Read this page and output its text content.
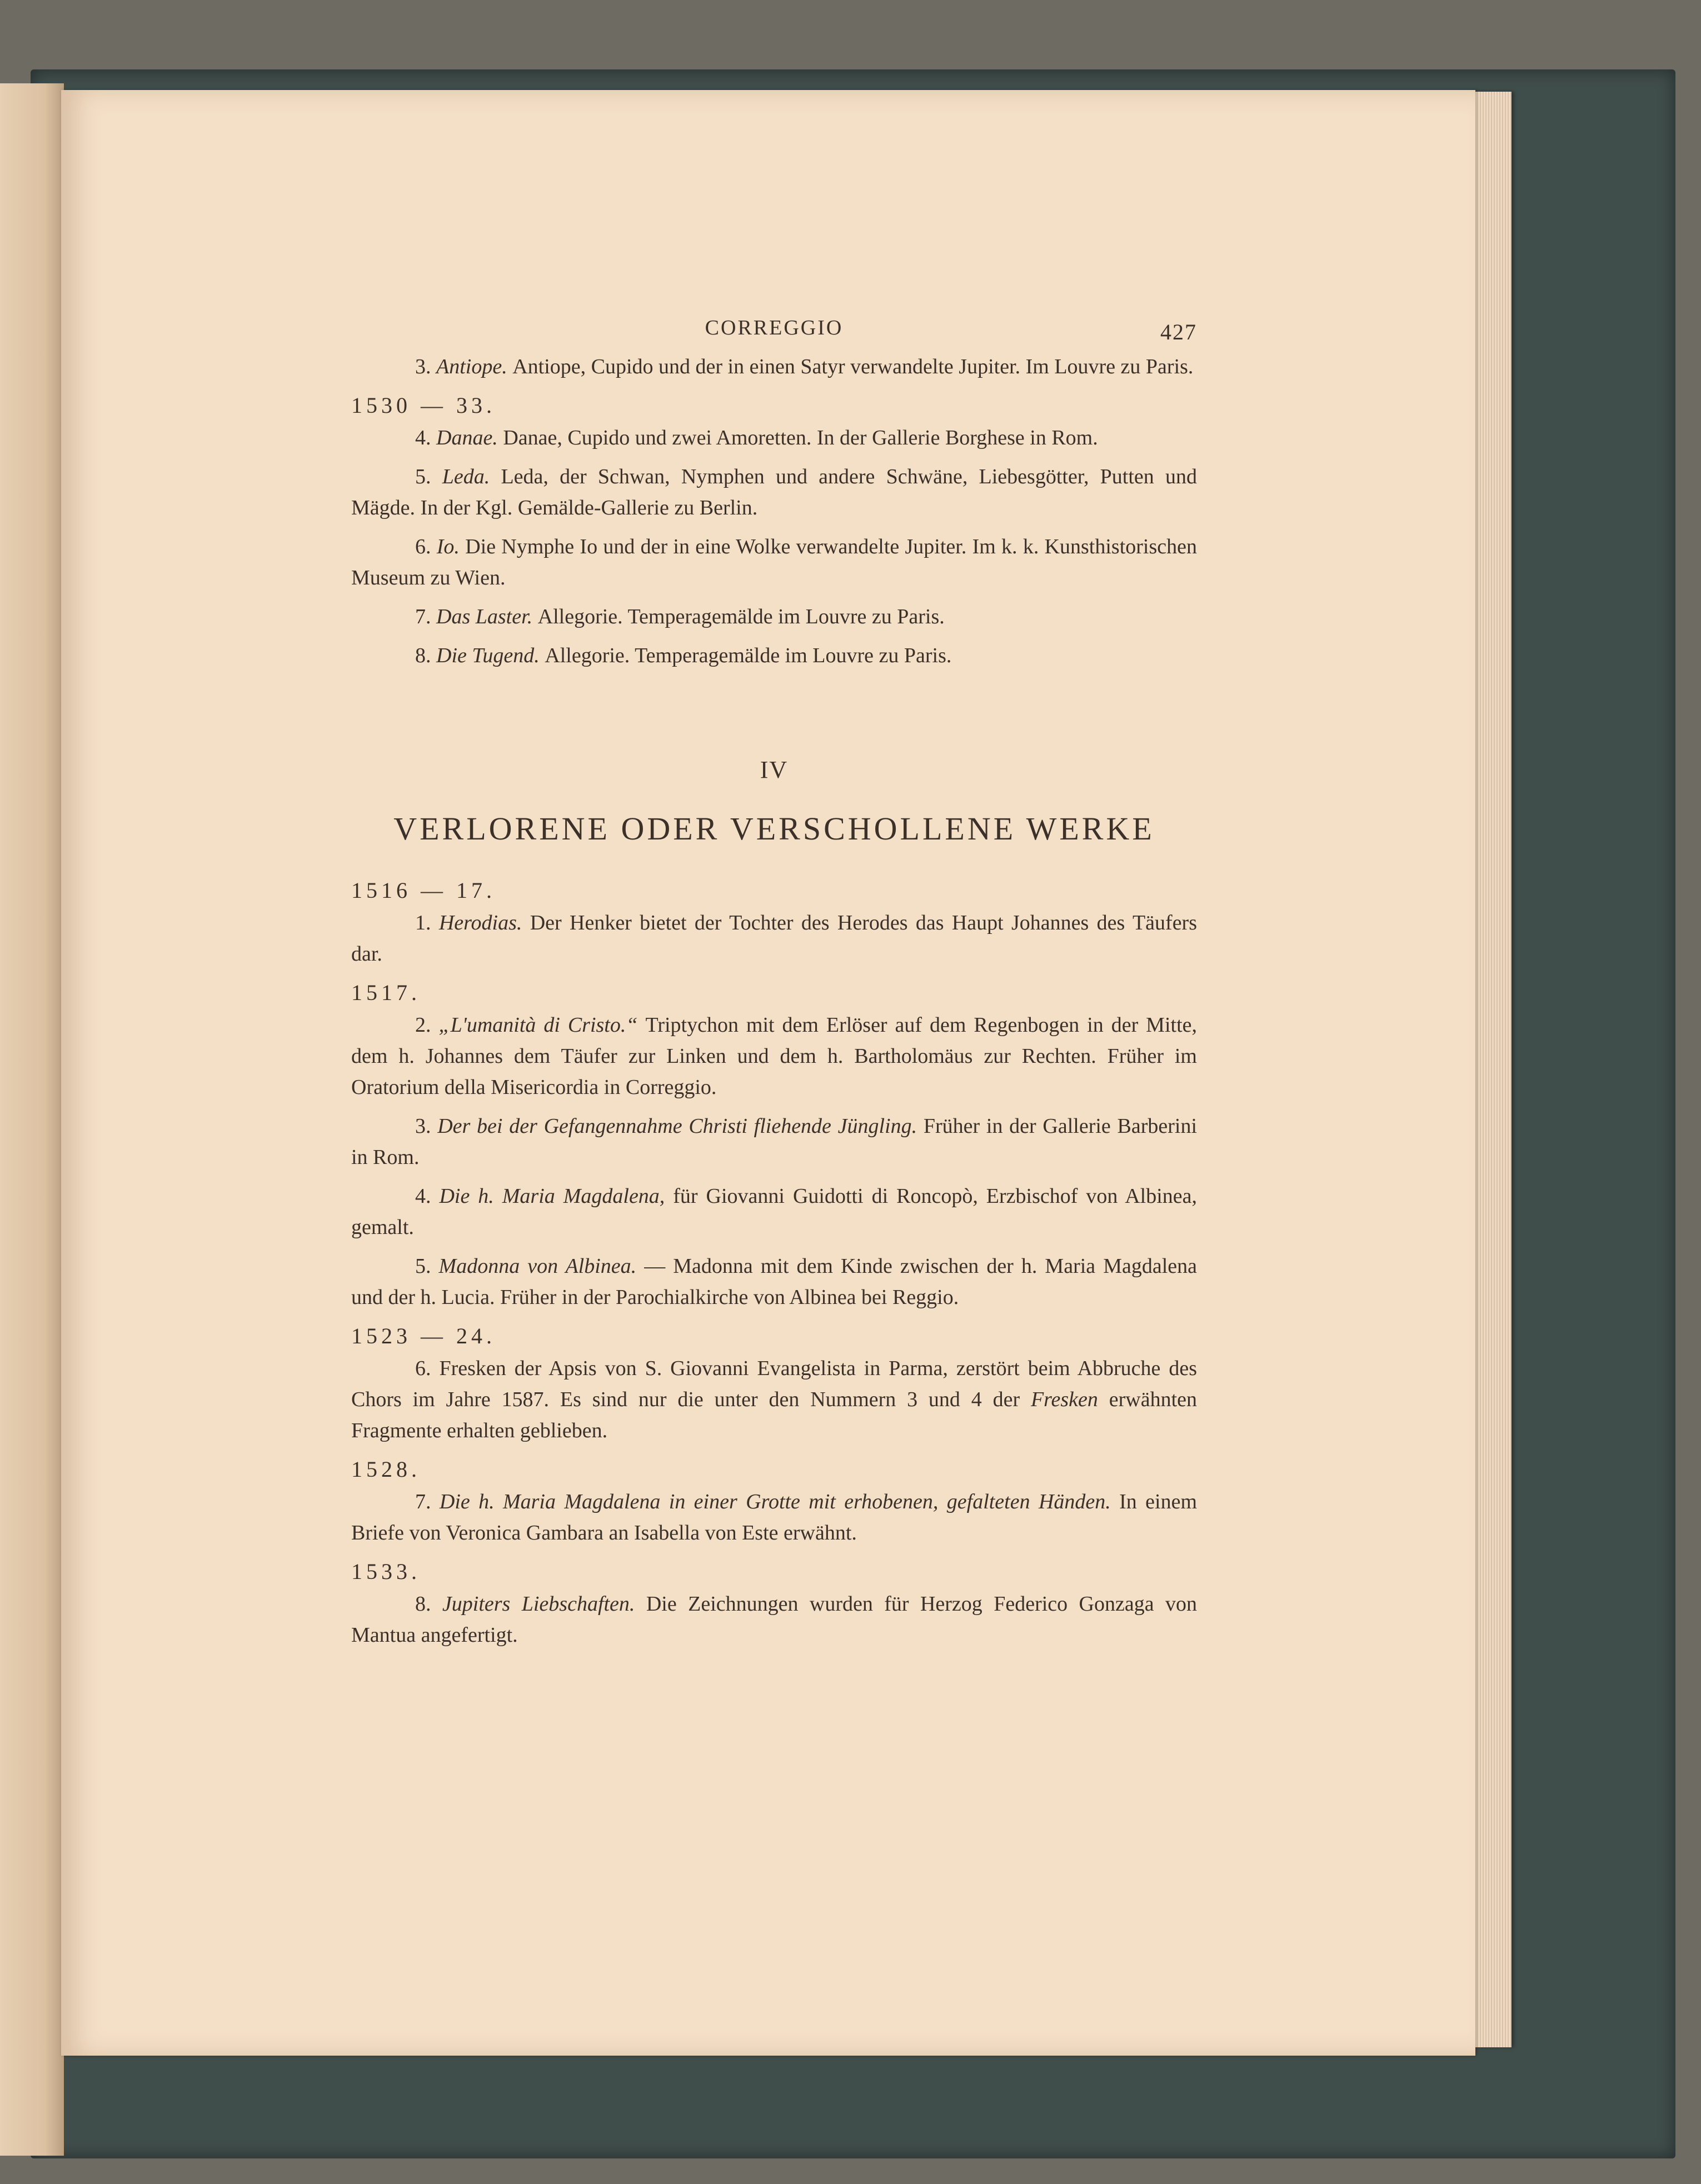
CORREGGIO	427

3. Antiope. Antiope, Cupido und der in einen Satyr verwandelte Jupiter. Im Louvre zu Paris.

1530 — 33.

4. Danae. Danae, Cupido und zwei Amoretten. In der Gallerie Borghese in Rom.

5. Leda. Leda, der Schwan, Nymphen und andere Schwäne, Liebesgötter, Putten und Mägde. In der Kgl. Gemälde-Gallerie zu Berlin.

6. Io. Die Nymphe Io und der in eine Wolke verwandelte Jupiter. Im k. k. Kunsthistorischen Museum zu Wien.

7. Das Laster. Allegorie. Temperagemälde im Louvre zu Paris.

8. Die Tugend. Allegorie. Temperagemälde im Louvre zu Paris.

IV
VERLORENE ODER VERSCHOLLENE WERKE
1516 — 17.

1. Herodias. Der Henker bietet der Tochter des Herodes das Haupt Johannes des Täufers dar.

1517.

2. „L'umanità di Cristo.“ Triptychon mit dem Erlöser auf dem Regenbogen in der Mitte, dem h. Johannes dem Täufer zur Linken und dem h. Bartholomäus zur Rechten. Früher im Oratorium della Misericordia in Correggio.

3. Der bei der Gefangennahme Christi fliehende Jüngling. Früher in der Gallerie Barberini in Rom.

4. Die h. Maria Magdalena, für Giovanni Guidotti di Roncopò, Erzbischof von Albinea, gemalt.

5. Madonna von Albinea. — Madonna mit dem Kinde zwischen der h. Maria Magdalena und der h. Lucia. Früher in der Parochialkirche von Albinea bei Reggio.

1523 — 24.

6. Fresken der Apsis von S. Giovanni Evangelista in Parma, zerstört beim Abbruche des Chors im Jahre 1587. Es sind nur die unter den Nummern 3 und 4 der Fresken erwähnten Fragmente erhalten geblieben.

1528.

7. Die h. Maria Magdalena in einer Grotte mit erhobenen, gefalteten Händen. In einem Briefe von Veronica Gambara an Isabella von Este erwähnt.

1533.

8. Jupiters Liebschaften. Die Zeichnungen wurden für Herzog Federico Gonzaga von Mantua angefertigt.
